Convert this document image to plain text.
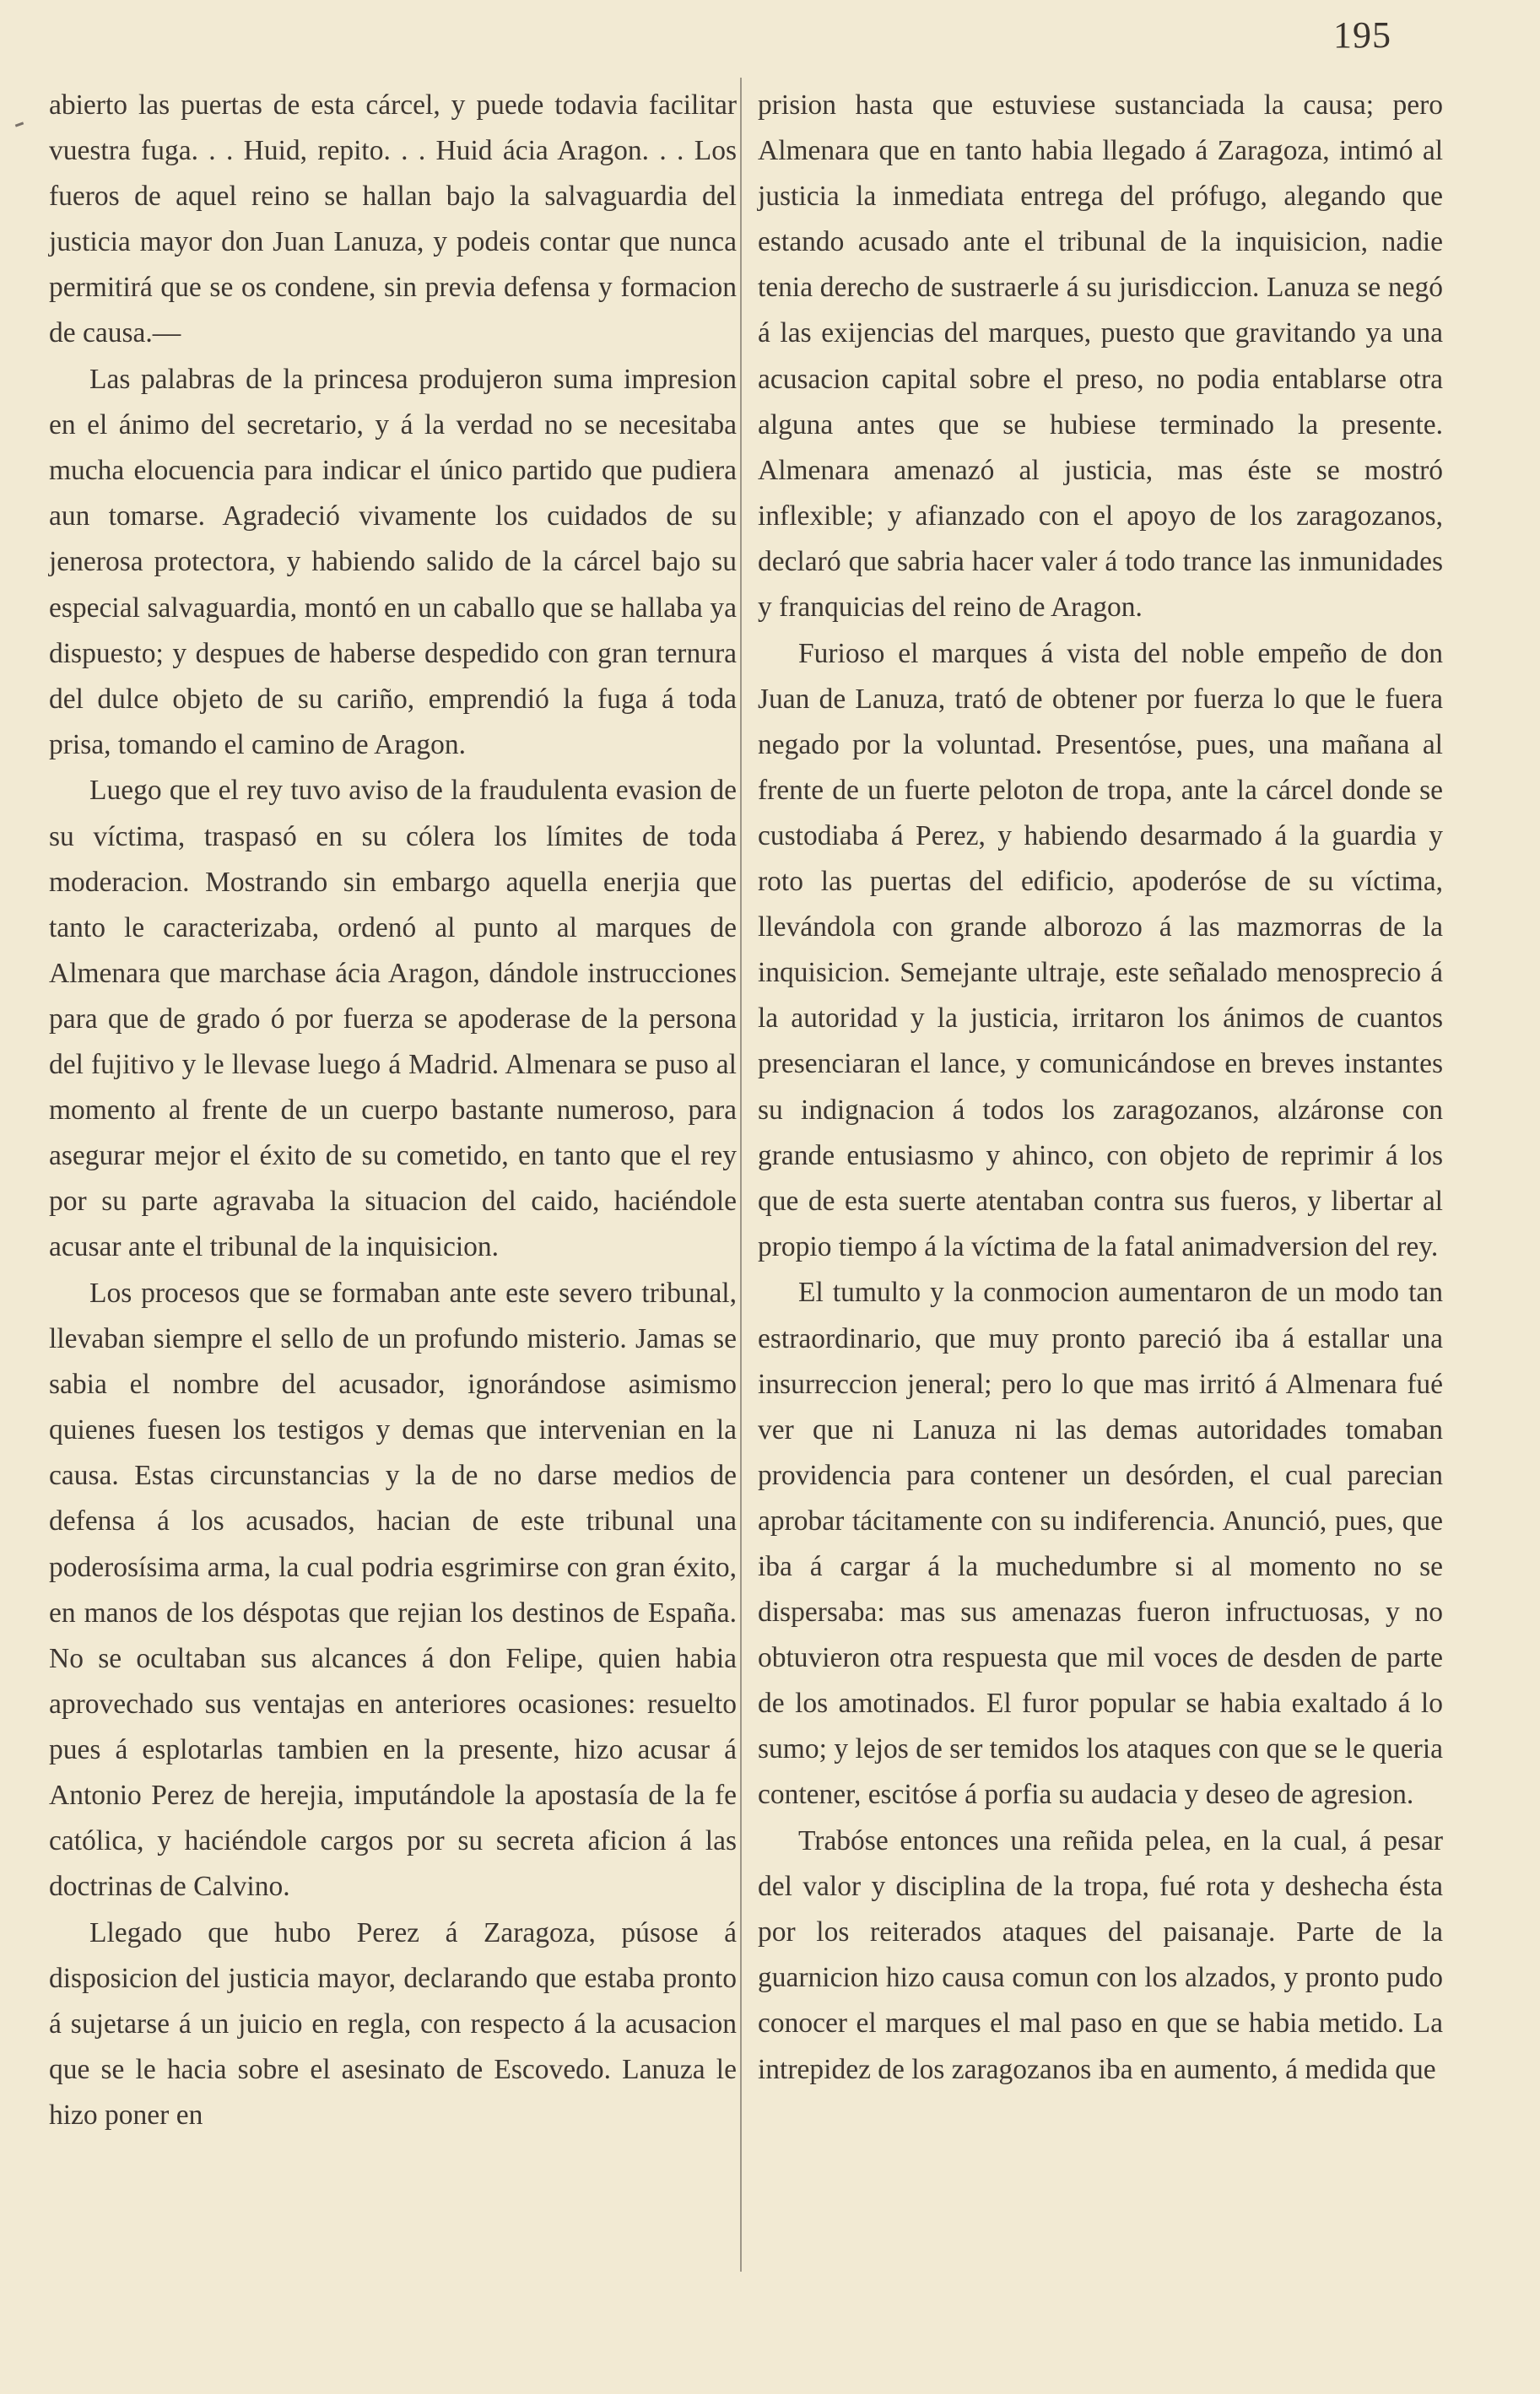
195

abierto las puertas de esta cárcel, y puede todavia facilitar vuestra fuga. . . Huid, repito. . . Huid ácia Aragon. . . Los fueros de aquel reino se hallan bajo la salvaguardia del justicia mayor don Juan Lanuza, y podeis contar que nunca permitirá que se os condene, sin previa defensa y formacion de causa.—

Las palabras de la princesa produjeron suma impresion en el ánimo del secretario, y á la verdad no se necesitaba mucha elocuencia para indicar el único partido que pudiera aun tomarse. Agradeció vivamente los cuidados de su jenerosa protectora, y habiendo salido de la cárcel bajo su especial salvaguardia, montó en un caballo que se hallaba ya dispuesto; y despues de haberse despedido con gran ternura del dulce objeto de su cariño, emprendió la fuga á toda prisa, tomando el camino de Aragon.

Luego que el rey tuvo aviso de la fraudulenta evasion de su víctima, traspasó en su cólera los límites de toda moderacion. Mostrando sin embargo aquella enerjia que tanto le caracterizaba, ordenó al punto al marques de Almenara que marchase ácia Aragon, dándole instrucciones para que de grado ó por fuerza se apoderase de la persona del fujitivo y le llevase luego á Madrid. Almenara se puso al momento al frente de un cuerpo bastante numeroso, para asegurar mejor el éxito de su cometido, en tanto que el rey por su parte agravaba la situacion del caido, haciéndole acusar ante el tribunal de la inquisicion.

Los procesos que se formaban ante este severo tribunal, llevaban siempre el sello de un profundo misterio. Jamas se sabia el nombre del acusador, ignorándose asimismo quienes fuesen los testigos y demas que intervenian en la causa. Estas circunstancias y la de no darse medios de defensa á los acusados, hacian de este tribunal una poderosísima arma, la cual podria esgrimirse con gran éxito, en manos de los déspotas que rejian los destinos de España. No se ocultaban sus alcances á don Felipe, quien habia aprovechado sus ventajas en anteriores ocasiones: resuelto pues á esplotarlas tambien en la presente, hizo acusar á Antonio Perez de herejia, imputándole la apostasía de la fe católica, y haciéndole cargos por su secreta aficion á las doctrinas de Calvino.

Llegado que hubo Perez á Zaragoza, púsose á disposicion del justicia mayor, declarando que estaba pronto á sujetarse á un juicio en regla, con respecto á la acusacion que se le hacia sobre el asesinato de Escovedo. Lanuza le hizo poner en

prision hasta que estuviese sustanciada la causa; pero Almenara que en tanto habia llegado á Zaragoza, intimó al justicia la inmediata entrega del prófugo, alegando que estando acusado ante el tribunal de la inquisicion, nadie tenia derecho de sustraerle á su jurisdiccion. Lanuza se negó á las exijencias del marques, puesto que gravitando ya una acusacion capital sobre el preso, no podia entablarse otra alguna antes que se hubiese terminado la presente. Almenara amenazó al justicia, mas éste se mostró inflexible; y afianzado con el apoyo de los zaragozanos, declaró que sabria hacer valer á todo trance las inmunidades y franquicias del reino de Aragon.

Furioso el marques á vista del noble empeño de don Juan de Lanuza, trató de obtener por fuerza lo que le fuera negado por la voluntad. Presentóse, pues, una mañana al frente de un fuerte peloton de tropa, ante la cárcel donde se custodiaba á Perez, y habiendo desarmado á la guardia y roto las puertas del edificio, apoderóse de su víctima, llevándola con grande alborozo á las mazmorras de la inquisicion. Semejante ultraje, este señalado menosprecio á la autoridad y la justicia, irritaron los ánimos de cuantos presenciaran el lance, y comunicándose en breves instantes su indignacion á todos los zaragozanos, alzáronse con grande entusiasmo y ahinco, con objeto de reprimir á los que de esta suerte atentaban contra sus fueros, y libertar al propio tiempo á la víctima de la fatal animadversion del rey.

El tumulto y la conmocion aumentaron de un modo tan estraordinario, que muy pronto pareció iba á estallar una insurreccion jeneral; pero lo que mas irritó á Almenara fué ver que ni Lanuza ni las demas autoridades tomaban providencia para contener un desórden, el cual parecian aprobar tácitamente con su indiferencia. Anunció, pues, que iba á cargar á la muchedumbre si al momento no se dispersaba: mas sus amenazas fueron infructuosas, y no obtuvieron otra respuesta que mil voces de desden de parte de los amotinados. El furor popular se habia exaltado á lo sumo; y lejos de ser temidos los ataques con que se le queria contener, escitóse á porfia su audacia y deseo de agresion.

Trabóse entonces una reñida pelea, en la cual, á pesar del valor y disciplina de la tropa, fué rota y deshecha ésta por los reiterados ataques del paisanaje. Parte de la guarnicion hizo causa comun con los alzados, y pronto pudo conocer el marques el mal paso en que se habia metido. La intrepidez de los zaragozanos iba en aumento, á medida que
